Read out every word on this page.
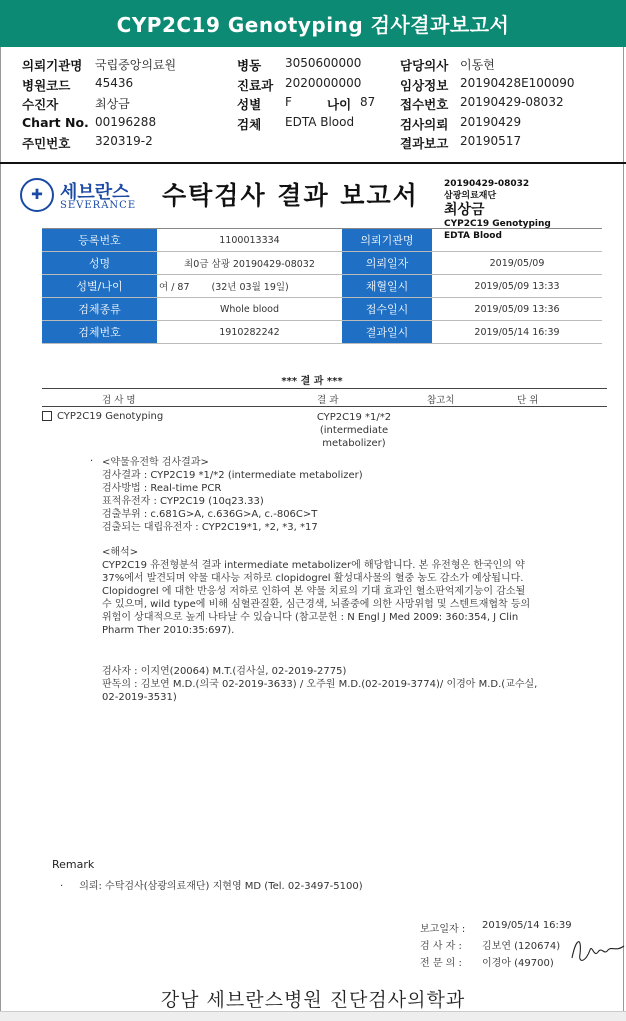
CYP2C19 Genotyping 검사결과보고서
의뢰기관명 국립중앙의료원
병원코드 45436
수진자	최상금
Chart No. 00196288
주민번호 320319-2
병동 3050600000
진료과 2020000000
성별 F	나이 87
검체 EDTA Blood
담당의사 이동현
임상정보 20190428E100090
접수번호 20190429-08032
검사의뢰 20190429
결과보고 20190517
✚ 세브란스
SEVERANCE 수탁검사 결과 보고서	20190429-08032
삼광의료재단
최상금
CYP2C19 Genotyping
EDTA Blood
등록번호	1100013334	의뢰기관명
성명	최0금 삼광 20190429-08032	의뢰일자	2019/05/09
성별/나이	여 / 87 (32년 03월 19일)	채혈일시	2019/05/09 13:33
검체종류	Whole blood	접수일시	2019/05/09 13:36
검체번호	1910282242	결과일시	2019/05/14 16:39
*** 결 과 ***
검 사 명	결 과	참고치	단 위
CYP2C19 Genotyping	CYP2C19 *1/*2
(intermediate
metabolizer)
· <약물유전학 검사결과>

검사결과 : CYP2C19 *1/*2 (intermediate metabolizer)

검사방법 : Real-time PCR

표적유전자 : CYP2C19 (10q23.33)

검출부위 : c.681G>A, c.636G>A, c.-806C>T

검출되는 대립유전자 : CYP2C19*1, *2, *3, *17

<해석>

CYP2C19 유전형분석 결과 intermediate metabolizer에 해당합니다. 본 유전형은 한국인의 약

37%에서 발견되며 약물 대사능 저하로 clopidogrel 활성대사물의 혈중 농도 감소가 예상됩니다.

Clopidogrel 에 대한 반응성 저하로 인하여 본 약물 치료의 기대 효과인 혈소판억제기능이 감소될

수 있으며, wild type에 비해 심혈관질환, 심근경색, 뇌졸중에 의한 사망위험 및 스텐트재협착 등의

위험이 상대적으로 높게 나타날 수 있습니다 (참고문헌 : N Engl J Med 2009: 360:354, J Clin

Pharm Ther 2010:35:697).

검사자 : 이지연(20064) M.T.(검사실, 02-2019-2775)

판독의 : 김보연 M.D.(의국 02-2019-3633) / 오주원 M.D.(02-2019-3774)/ 이경아 M.D.(교수실,

02-2019-3531)

Remark
· 의뢰: 수탁검사(삼광의료재단) 지현영 MD (Tel. 02-3497-5100)
보고일자 : 2019/05/14 16:39
검 사 자 : 김보연 (120674)
전 문 의 : 이경아 (49700)
강남 세브란스병원 진단검사의학과
